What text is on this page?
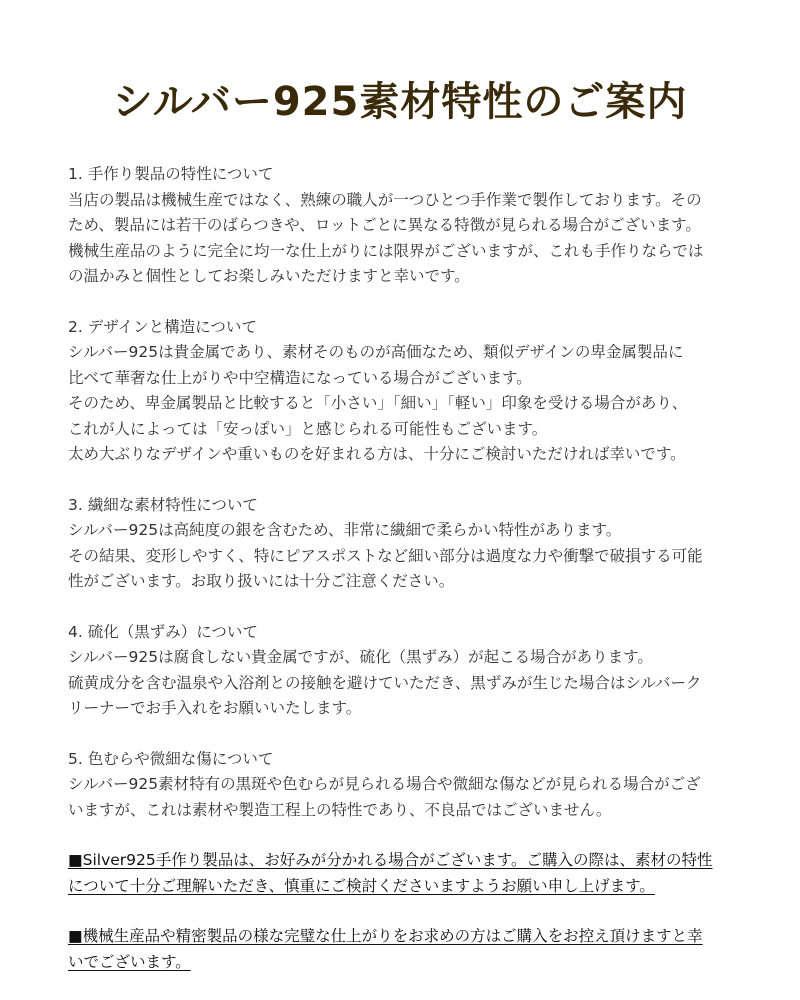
シルバー925素材特性のご案内

1. 手作り製品の特性について

当店の製品は機械生産ではなく、熟練の職人が一つひとつ手作業で製作しております。その

ため、製品には若干のばらつきや、ロットごとに異なる特徴が見られる場合がございます。

機械生産品のように完全に均一な仕上がりには限界がございますが、これも手作りならでは

の温かみと個性としてお楽しみいただけますと幸いです。

2. デザインと構造について

シルバー925は貴金属であり、素材そのものが高価なため、類似デザインの卑金属製品に

比べて華奢な仕上がりや中空構造になっている場合がございます。

そのため、卑金属製品と比較すると「小さい」「細い」「軽い」印象を受ける場合があり、

これが人によっては「安っぽい」と感じられる可能性もございます。

太め大ぶりなデザインや重いものを好まれる方は、十分にご検討いただければ幸いです。

3. 繊細な素材特性について

シルバー925は高純度の銀を含むため、非常に繊細で柔らかい特性があります。

その結果、変形しやすく、特にピアスポストなど細い部分は過度な力や衝撃で破損する可能

性がございます。お取り扱いには十分ご注意ください。

4. 硫化（黒ずみ）について

シルバー925は腐食しない貴金属ですが、硫化（黒ずみ）が起こる場合があります。

硫黄成分を含む温泉や入浴剤との接触を避けていただき、黒ずみが生じた場合はシルバーク

リーナーでお手入れをお願いいたします。

5. 色むらや微細な傷について

シルバー925素材特有の黒斑や色むらが見られる場合や微細な傷などが見られる場合がござ

いますが、これは素材や製造工程上の特性であり、不良品ではございません。

■Silver925手作り製品は、お好みが分かれる場合がございます。ご購入の際は、素材の特性

について十分ご理解いただき、慎重にご検討くださいますようお願い申し上げます。

■機械生産品や精密製品の様な完璧な仕上がりをお求めの方はご購入をお控え頂けますと幸

いでございます。
